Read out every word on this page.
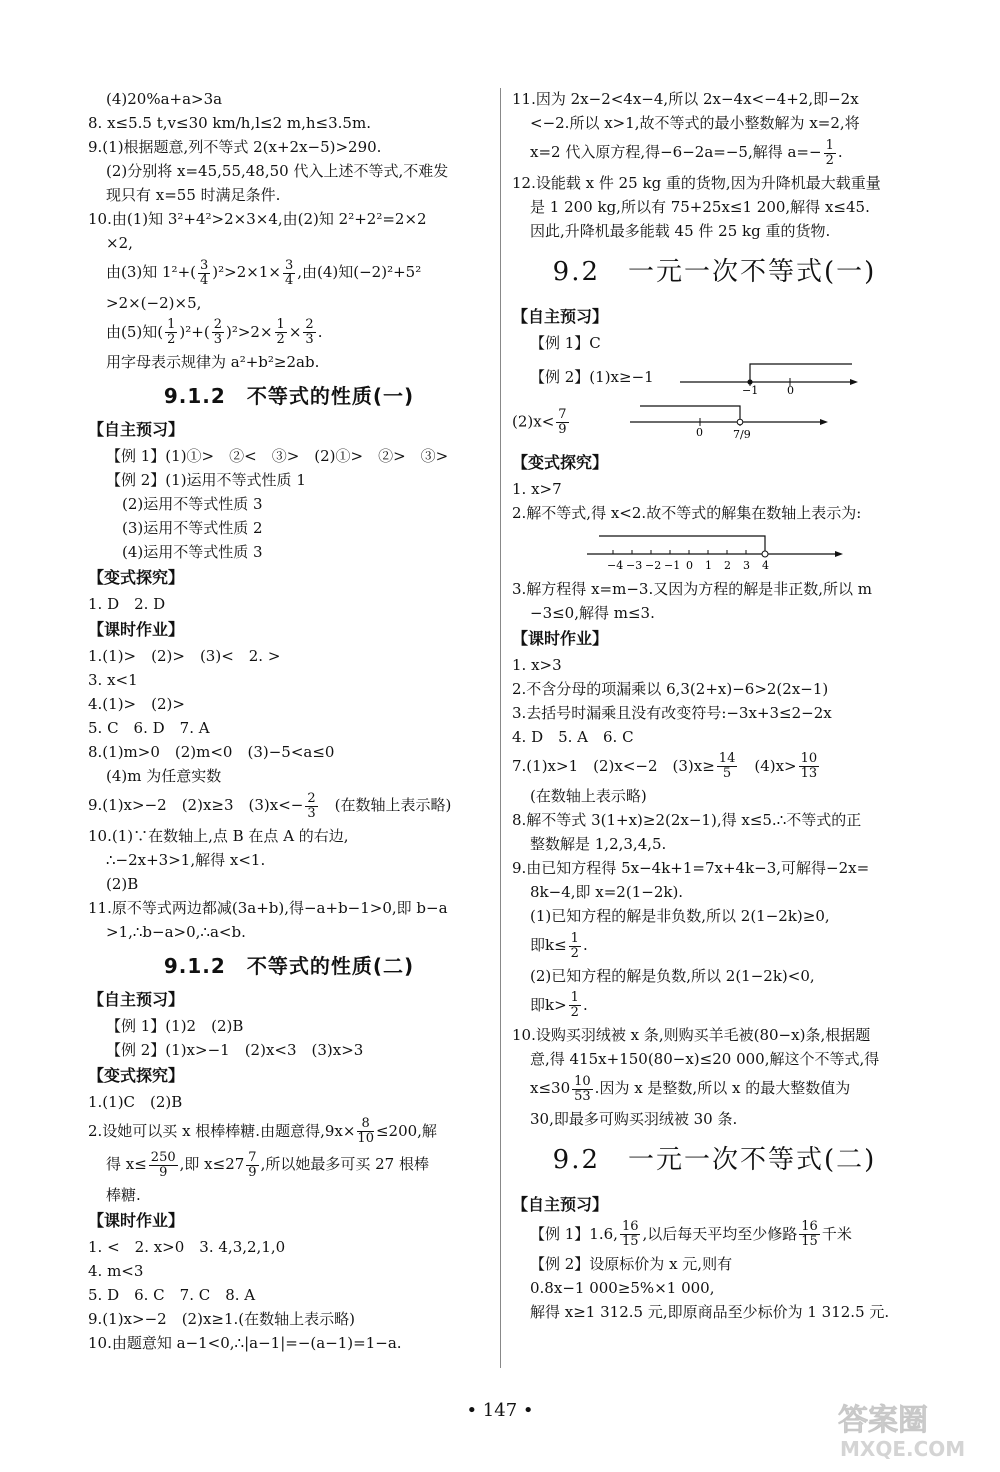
(4)20%a+a>3a
8. x≤5.5 t,v≤30 km/h,l≤2 m,h≤3.5m.
9.(1)根据题意,列不等式 2(x+2x−5)>290.
(2)分别将 x=45,55,48,50 代入上述不等式,不难发
现只有 x=55 时满足条件.
10.由(1)知 3²+4²>2×3×4,由(2)知 2²+2²=2×2
×2,
由(3)知 $1^2+( \frac{3}{4} )^2>2\times 1\times \frac{3}{4}$ ,由(4)知(−2)²+5²
>2×(−2)×5,
由(5)知( $\frac{1}{2} )^2+( \frac{2}{3} )^2>2\times \frac{1}{2} \times \frac{2}{3}$ .
用字母表示规律为 a²+b²≥2ab.
9.1.2　不等式的性质(一)
【自主预习】
【例 1】(1)①>　②<　③>　(2)①>　②>　③>
【例 2】(1)运用不等式性质 1
(2)运用不等式性质 3
(3)运用不等式性质 2
(4)运用不等式性质 3
【变式探究】
1. D　2. D
【课时作业】
1.(1)>　(2)>　(3)<　2. >
3. x<1
4.(1)>　(2)>
5. C　6. D　7. A
8.(1)m>0　(2)m<0　(3)−5<a≤0
(4)m 为任意实数
9.(1)x>−2　(2)x≥3　$(3)x<- \frac{2}{3}$ 　(在数轴上表示略)
10.(1)∵在数轴上,点 B 在点 A 的右边,
∴−2x+3>1,解得 x<1.
(2)B
11.原不等式两边都减(3a+b),得−a+b−1>0,即 b−a
>1,∴b−a>0,∴a<b.
9.1.2　不等式的性质(二)
【自主预习】
【例 1】(1)2　(2)B
【例 2】(1)x>−1　(2)x<3　(3)x>3
【变式探究】
1.(1)C　(2)B
2.设她可以买 x 根棒棒糖.由题意得$,9x\times \frac{8}{10} \le 200$,解
得 $x\le \frac{250}{9}$ ,即 $x\le 27 \frac{7}{9}$ ,所以她最多可买 27 根棒
棒糖.
【课时作业】
1. <　2. x>0　3. 4,3,2,1,0
4. m<3
5. D　6. C　7. C　8. A
9.(1)x>−2　(2)x≥1.(在数轴上表示略)
10.由题意知 a−1<0,∴|a−1|=−(a−1)=1−a.
11.因为 2x−2<4x−4,所以 2x−4x<−4+2,即−2x
<−2.所以 x>1,故不等式的最小整数解为 x=2,将
x=2 代入原方程,得−6−2a=−5,解得 $a=- \frac{1}{2}$ .
12.设能载 x 件 25 kg 重的货物,因为升降机最大载重量
是 1 200 kg,所以有 75+25x≤1 200,解得 x≤45.
因此,升降机最多能载 45 件 25 kg 重的货物.
9.2　一元一次不等式(一)
【自主预习】
【例 1】C
【例 2】(1)x≥−1
−1	0
$(2)x< \frac{7}{9}$	0	7/9
【变式探究】
1. x>7
2.解不等式,得 x<2.故不等式的解集在数轴上表示为:
−4 −3 −2 −1 0 1 2 3 4
3.解方程得 x=m−3.又因为方程的解是非正数,所以 m
−3≤0,解得 m≤3.
【课时作业】
1. x>3
2.不含分母的项漏乘以 6,3(2+x)−6>2(2x−1)
3.去括号时漏乘且没有改变符号:−3x+3≤2−2x
4. D　5. A　6. C
7.(1)x>1　(2)x<−2　$(3)x\ge \frac{14}{5}$ 　$(4)x> \frac{10}{13}$
(在数轴上表示略)
8.解不等式 3(1+x)≥2(2x−1),得 x≤5.∴不等式的正
整数解是 1,2,3,4,5.
9.由已知方程得 5x−4k+1=7x+4k−3,可解得−2x=
8k−4,即 x=2(1−2k).
(1)已知方程的解是非负数,所以 2(1−2k)≥0,
即$k\le \frac{1}{2}$ .
(2)已知方程的解是负数,所以 2(1−2k)<0,
即$k> \frac{1}{2}$ .
10.设购买羽绒被 x 条,则购买羊毛被(80−x)条,根据题
意,得 415x+150(80−x)≤20 000,解这个不等式,得
$x\le 30 \frac{10}{53}$ .因为 x 是整数,所以 x 的最大整数值为
30,即最多可购买羽绒被 30 条.
9.2　一元一次不等式(二)
【自主预习】
【例 1】1.6, $\frac{16}{15}$ ,以后每天平均至少修路 $\frac{16}{15}$ 千米
【例 2】设原标价为 x 元,则有
0.8x−1 000≥5%×1 000,
解得 x≥1 312.5 元,即原商品至少标价为 1 312.5 元.
• 147 •	答案圈
MXQE.COM
